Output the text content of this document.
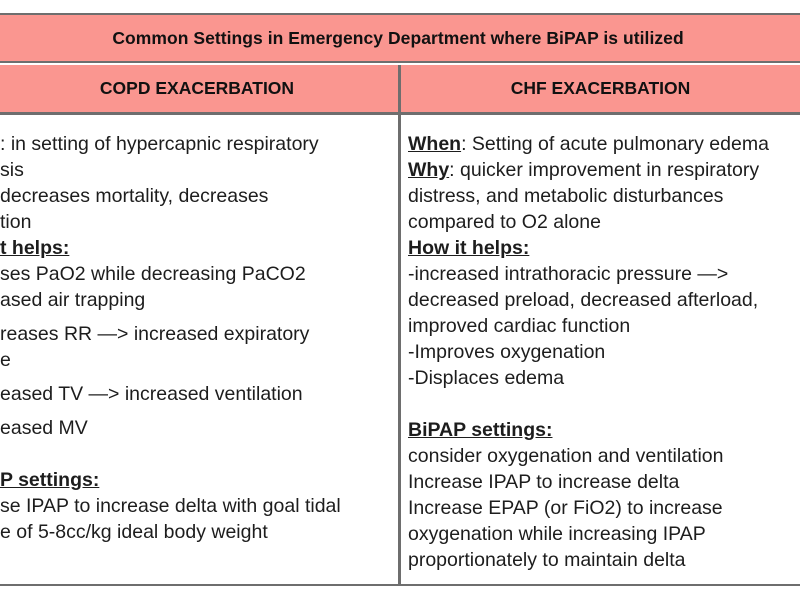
Common Settings in Emergency Department where BiPAP is utilized
COPD EXACERBATION	CHF EXACERBATION
: in setting of hypercapnic respiratory
sis
decreases mortality, decreases
tion
t helps:
ses PaO2 while decreasing PaCO2
ased air trapping
reases RR —> increased expiratory
e
eased TV —> increased ventilation
eased MV
P settings:
se IPAP to increase delta with goal tidal
e of 5-8cc/kg ideal body weight
When: Setting of acute pulmonary edema
Why: quicker improvement in respiratory
distress, and metabolic disturbances
compared to O2 alone
How it helps:
-increased intrathoracic pressure —>
decreased preload, decreased afterload,
improved cardiac function
-Improves oxygenation
-Displaces edema
BiPAP settings:
consider oxygenation and ventilation
Increase IPAP to increase delta
Increase EPAP (or FiO2) to increase
oxygenation while increasing IPAP
proportionately to maintain delta
